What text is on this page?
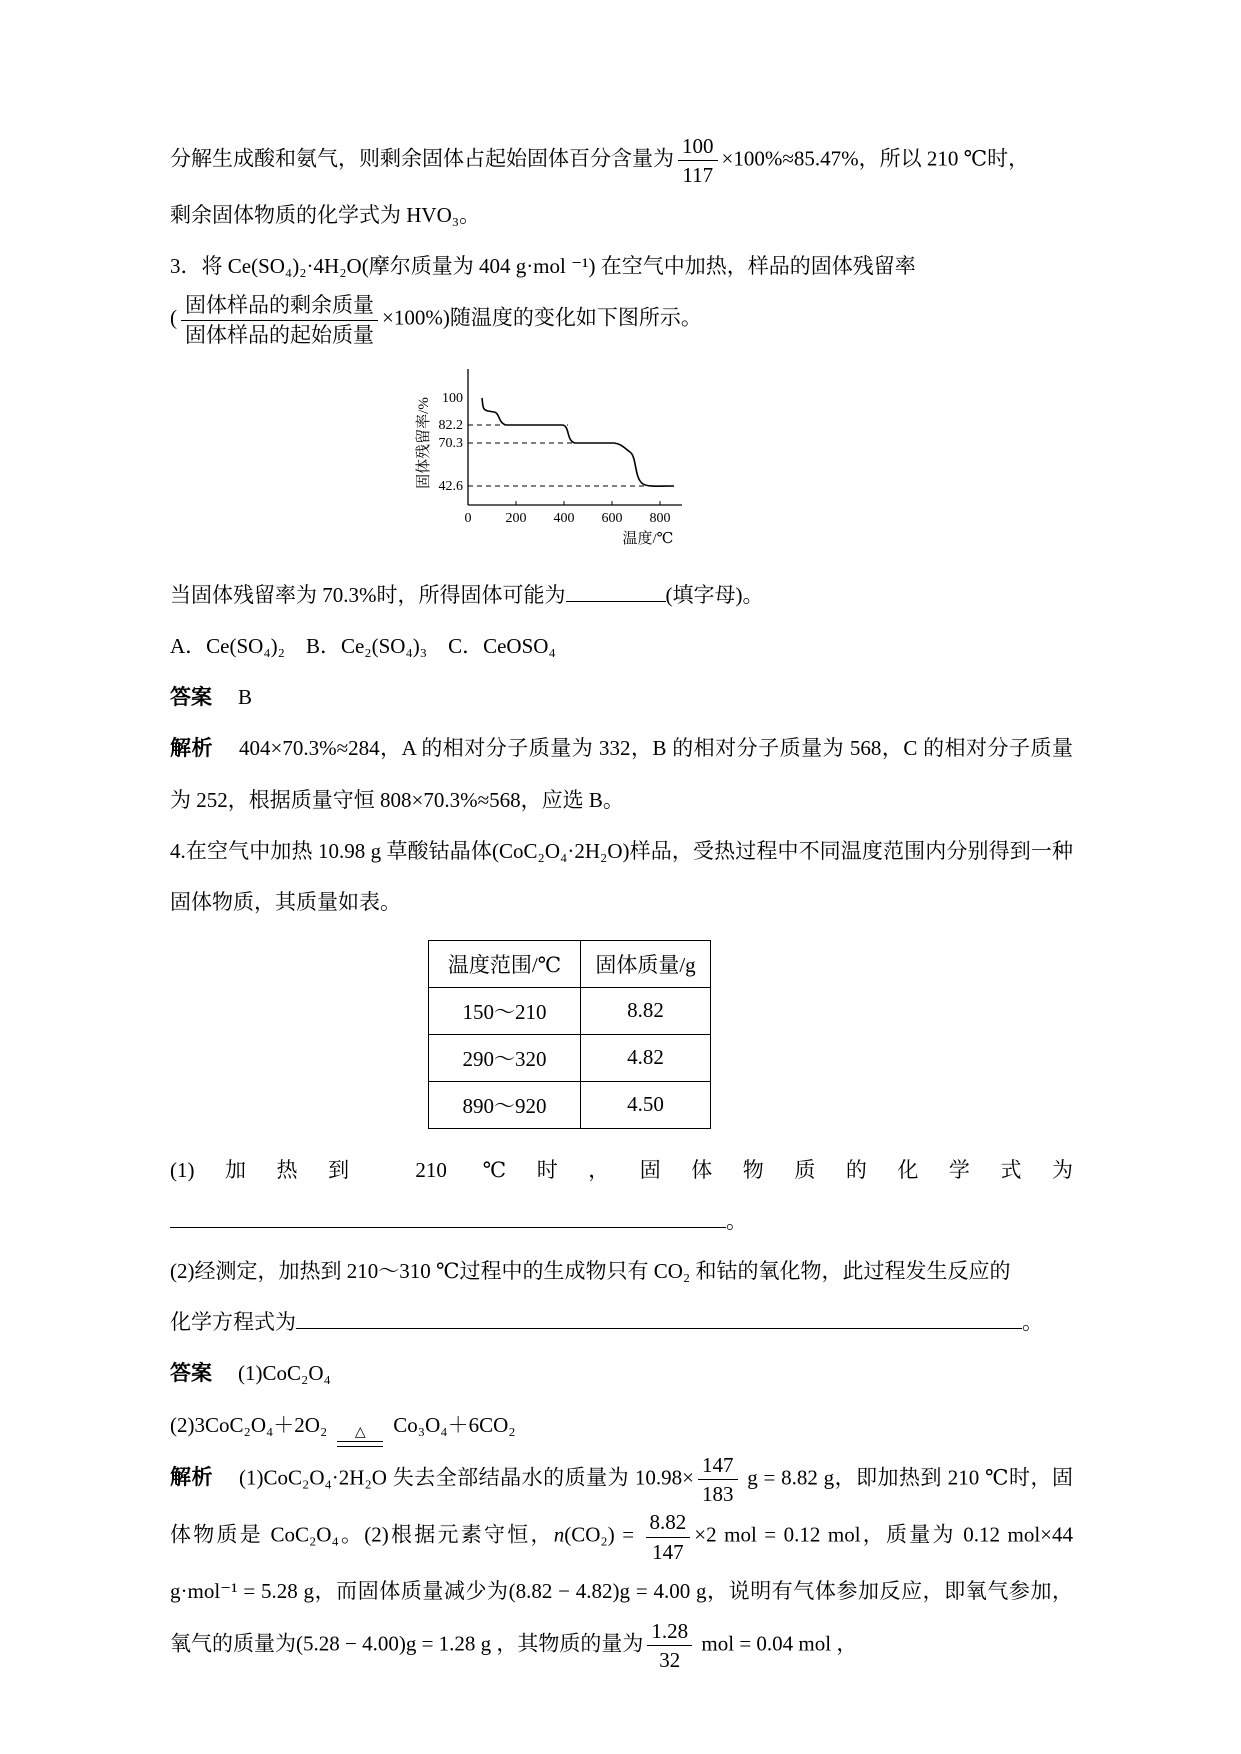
分解生成酸和氨气，则剩余固体占起始固体百分含量为 $\frac{100}{117} \times 100\%\approx 85.47\%$，所以 210 ℃时，

剩余固体物质的化学式为 HVO₃。

3．将 Ce(SO₄)₂·4H₂O(摩尔质量为 404 g·mol ⁻¹) 在空气中加热，样品的固体残留率

( $\frac{\text{固体样品的剩余质量}}{\text{固体样品的起始质量}} \times 100\%$)随温度的变化如下图所示。

100
82.2
70.3
42.6
0 200 400 600 800
固体残留率/%
温度/℃

当固体残留率为 70.3%时，所得固体可能为	(填字母)。

A．Ce(SO₄)₂　B．Ce₂(SO₄)₃　C．CeOSO₄

答案 B

解析 404×70.3%≈284，A 的相对分子质量为 332，B 的相对分子质量为 568，C 的相对分子质量为 252，根据质量守恒 808×70.3%≈568，应选 B。

4.在空气中加热 10.98 g 草酸钴晶体(CoC₂O₄·2H₂O)样品，受热过程中不同温度范围内分别得到一种固体物质，其质量如表。

温度范围/℃	固体质量/g
150～210	8.82
290～320	4.82
890～920	4.50

(1)加热到 210 ℃时，固体物质的化学式为。

(2)经测定，加热到 210～310 ℃过程中的生成物只有 CO₂ 和钴的氧化物，此过程发生反应的

化学方程式为	。

答案 (1)CoC₂O₄

(2)3CoC₂O₄＋2O₂ △ Co₃O₄＋6CO₂

解析 (1)CoC₂O₄·2H₂O 失去全部结晶水的质量为 $10.98\times \frac{147}{183}$ g = 8.82 g，即加热到 210 ℃时，固体物质是 CoC₂O₄。(2)根据元素守恒，$n(CO_2) = \frac{8.82}{147} \times 2$ mol = 0.12 mol，质量为 0.12 mol×44 g·mol⁻¹ = 5.28 g，而固体质量减少为(8.82 − 4.82)g = 4.00 g，说明有气体参加反应，即氧气参加，氧气的质量为(5.28 − 4.00)g = 1.28 g ，其物质的量为 $\frac{1.28}{32}$ mol = 0.04 mol ，
